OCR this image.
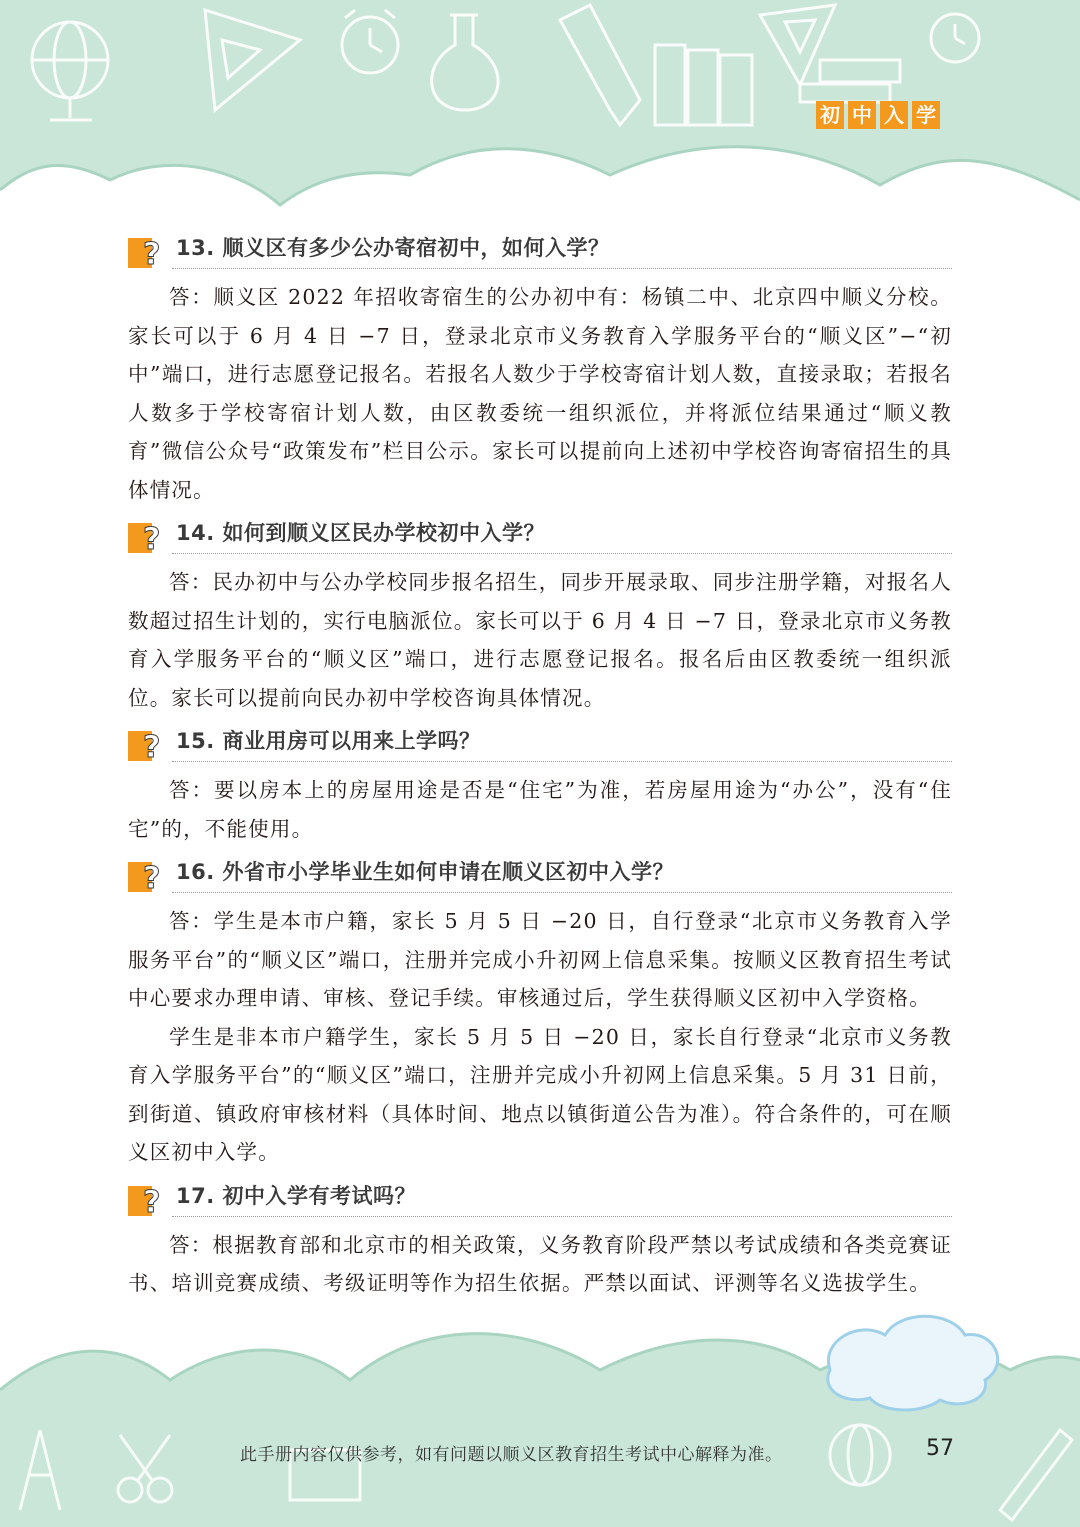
初 中 入 学
? 13. 顺义区有多少公办寄宿初中，如何入学？

答：顺义区 2022 年招收寄宿生的公办初中有：杨镇二中、北京四中顺义分校。家长可以于 6 月 4 日 −7 日，登录北京市义务教育入学服务平台的“顺义区”−“初中”端口，进行志愿登记报名。若报名人数少于学校寄宿计划人数，直接录取；若报名人数多于学校寄宿计划人数，由区教委统一组织派位，并将派位结果通过“顺义教育”微信公众号“政策发布”栏目公示。家长可以提前向上述初中学校咨询寄宿招生的具体情况。

? 14. 如何到顺义区民办学校初中入学？

答：民办初中与公办学校同步报名招生，同步开展录取、同步注册学籍，对报名人数超过招生计划的，实行电脑派位。家长可以于 6 月 4 日 −7 日，登录北京市义务教育入学服务平台的“顺义区”端口，进行志愿登记报名。报名后由区教委统一组织派位。家长可以提前向民办初中学校咨询具体情况。

? 15. 商业用房可以用来上学吗？

答：要以房本上的房屋用途是否是“住宅”为准，若房屋用途为“办公”，没有“住宅”的，不能使用。

? 16. 外省市小学毕业生如何申请在顺义区初中入学？

答：学生是本市户籍，家长 5 月 5 日 −20 日，自行登录“北京市义务教育入学服务平台”的“顺义区”端口，注册并完成小升初网上信息采集。按顺义区教育招生考试中心要求办理申请、审核、登记手续。审核通过后，学生获得顺义区初中入学资格。

学生是非本市户籍学生，家长 5 月 5 日 −20 日，家长自行登录“北京市义务教育入学服务平台”的“顺义区”端口，注册并完成小升初网上信息采集。5 月 31 日前，到街道、镇政府审核材料（具体时间、地点以镇街道公告为准）。符合条件的，可在顺义区初中入学。

? 17. 初中入学有考试吗？

答：根据教育部和北京市的相关政策，义务教育阶段严禁以考试成绩和各类竞赛证书、培训竞赛成绩、考级证明等作为招生依据。严禁以面试、评测等名义选拔学生。

此手册内容仅供参考，如有问题以顺义区教育招生考试中心解释为准。	57
